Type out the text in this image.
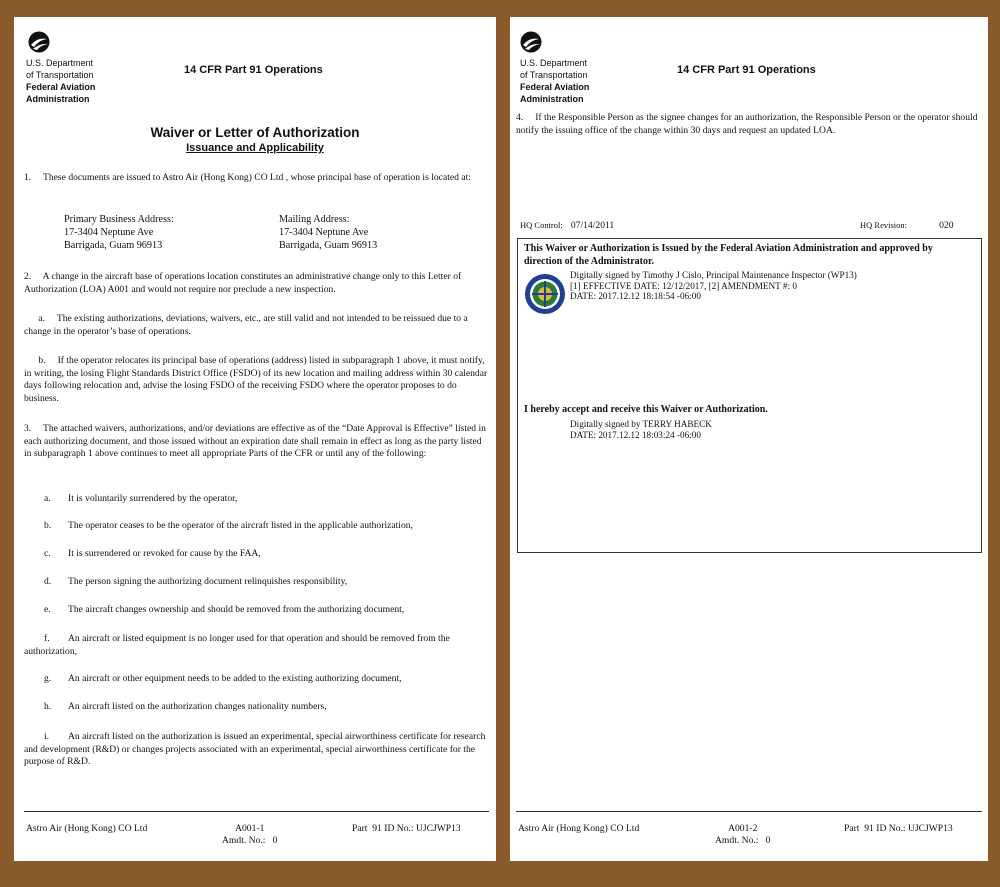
U.S. Department
of Transportation
Federal Aviation
Administration
14 CFR Part 91 Operations
Waiver or Letter of Authorization
Issuance and Applicability
1.     These documents are issued to Astro Air (Hong Kong) CO Ltd , whose principal base of operation is located at:
Primary Business Address:
17-3404 Neptune Ave
Barrigada, Guam 96913
Mailing Address:
17-3404 Neptune Ave
Barrigada, Guam 96913
2.     A change in the aircraft base of operations location constitutes an administrative change only to this Letter of Authorization (LOA) A001 and would not require nor preclude a new inspection.
a.     The existing authorizations, deviations, waivers, etc., are still valid and not intended to be reissued due to a change in the operator’s base of operations.
b.     If the operator relocates its principal base of operations (address) listed in subparagraph 1 above, it must notify, in writing, the losing Flight Standards District Office (FSDO) of its new location and mailing address within 30 calendar days following relocation and, advise the losing FSDO of the receiving FSDO where the operator proposes to do business.
3.     The attached waivers, authorizations, and/or deviations are effective as of the “Date Approval is Effective” listed in each authorizing document, and those issued without an expiration date shall remain in effect as long as the party listed in subparagraph 1 above continues to meet all appropriate Parts of the CFR or until any of the following:
a. It is voluntarily surrendered by the operator,
b. The operator ceases to be the operator of the aircraft listed in the applicable authorization,
c. It is surrendered or revoked for cause by the FAA,
d. The person signing the authorizing document relinquishes responsibility,
e. The aircraft changes ownership and should be removed from the authorizing document,
f. An aircraft or listed equipment is no longer used for that operation and should be removed from the authorization,
g. An aircraft or other equipment needs to be added to the existing authorizing document,
h. An aircraft listed on the authorization changes nationality numbers,
i. An aircraft listed on the authorization is issued an experimental, special airworthiness certificate for research and development (R&D) or changes projects associated with an experimental, special airworthiness certificate for the purpose of R&D.
Astro Air (Hong Kong) CO Ltd	A001-1
Amdt. No.:   0
Part  91 ID No.: UJCJWP13
U.S. Department
of Transportation
Federal Aviation
Administration
14 CFR Part 91 Operations
4.     If the Responsible Person as the signee changes for an authorization, the Responsible Person or the operator should notify the issuing office of the change within 30 days and request an updated LOA.
HQ Control: 07/14/2011	HQ Revision:	020
This Waiver or Authorization is Issued by the Federal Aviation Administration and approved by direction of the Administrator.
Digitally signed by Timothy J Cislo, Principal Maintenance Inspector (WP13)
[1] EFFECTIVE DATE: 12/12/2017, [2] AMENDMENT #: 0
DATE: 2017.12.12 18:18:54 -06:00
I hereby accept and receive this Waiver or Authorization.
Digitally signed by TERRY HABECK
DATE: 2017.12.12 18:03:24 -06:00
Astro Air (Hong Kong) CO Ltd	A001-2
Amdt. No.:   0
Part  91 ID No.: UJCJWP13
